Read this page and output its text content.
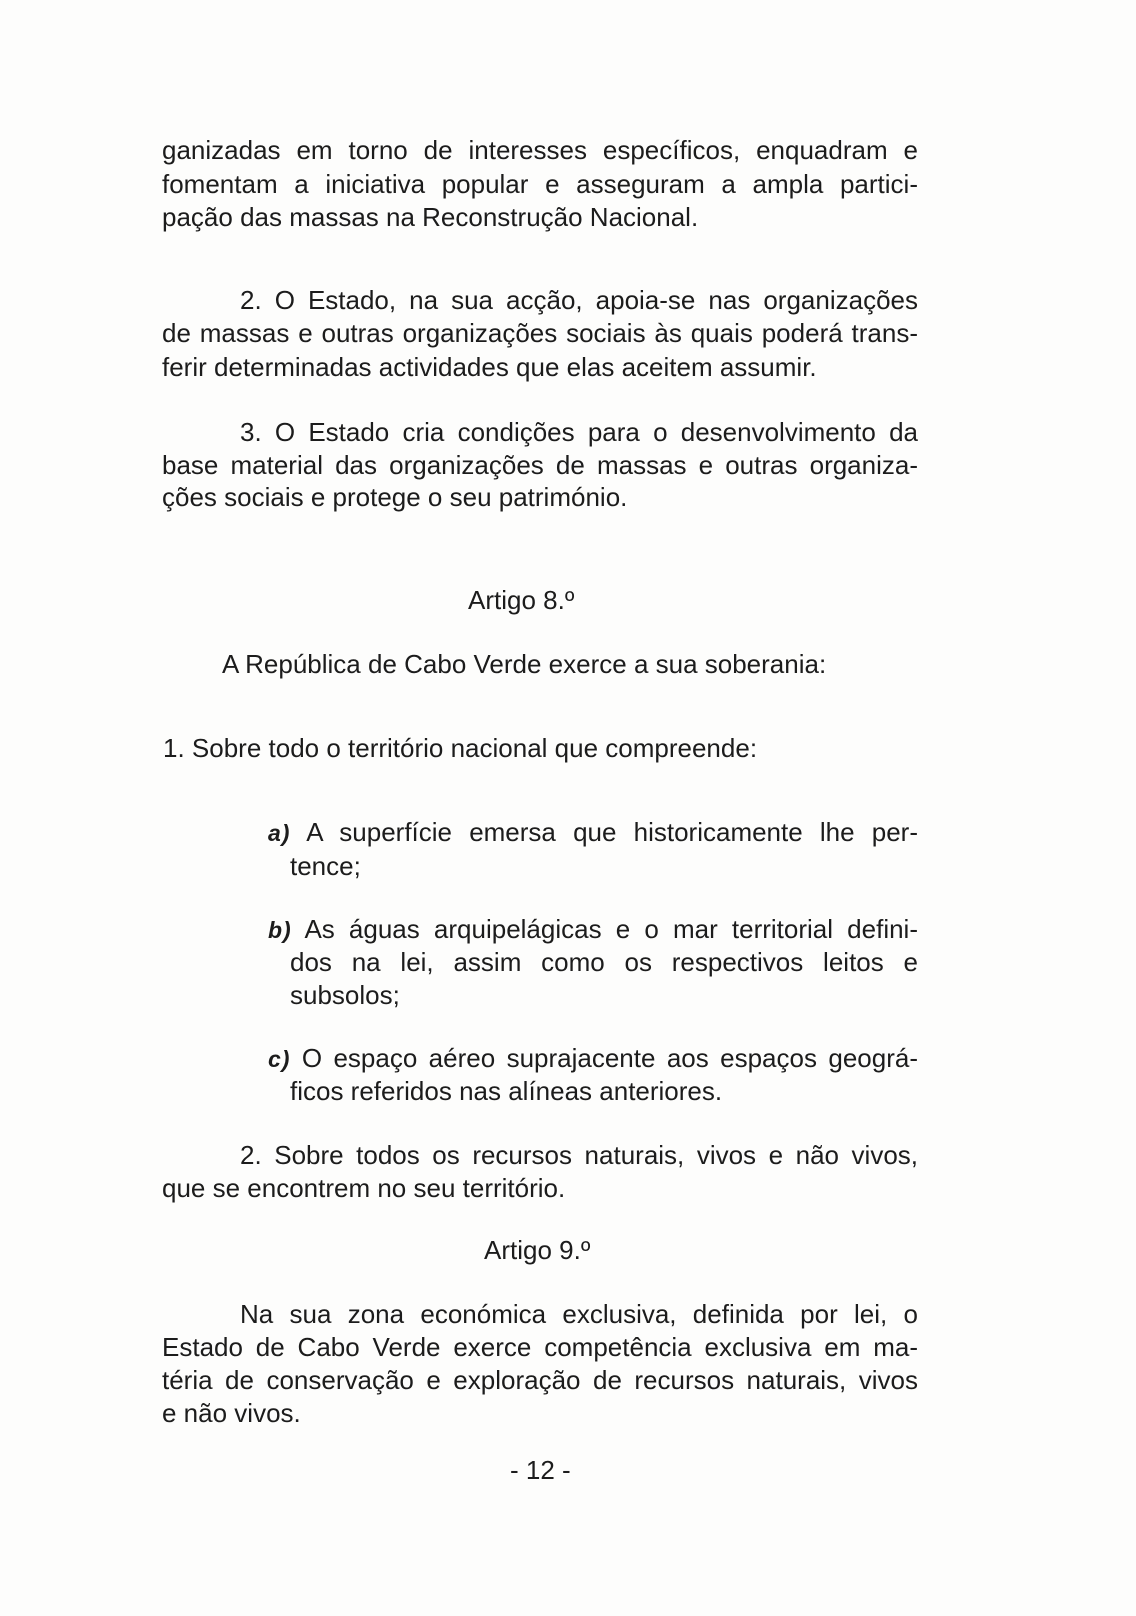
ganizadas em torno de interesses específicos, enquadram e
fomentam a iniciativa popular e asseguram a ampla partici-
pação das massas na Reconstrução Nacional.
2. O Estado, na sua acção, apoia-se nas organizações
de massas e outras organizações sociais às quais poderá trans-
ferir determinadas actividades que elas aceitem assumir.
3. O Estado cria condições para o desenvolvimento da
base material das organizações de massas e outras organiza-
ções sociais e protege o seu património.
Artigo 8.º
A República de Cabo Verde exerce a sua soberania:
1. Sobre todo o território nacional que compreende:
a) A superfície emersa que historicamente lhe per-
tence;
b) As águas arquipelágicas e o mar territorial defini-
dos na lei, assim como os respectivos leitos e
subsolos;
c) O espaço aéreo suprajacente aos espaços geográ-
ficos referidos nas alíneas anteriores.
2. Sobre todos os recursos naturais, vivos e não vivos,
que se encontrem no seu território.
Artigo 9.º
Na sua zona económica exclusiva, definida por lei, o
Estado de Cabo Verde exerce competência exclusiva em ma-
téria de conservação e exploração de recursos naturais, vivos
e não vivos.
- 12 -
